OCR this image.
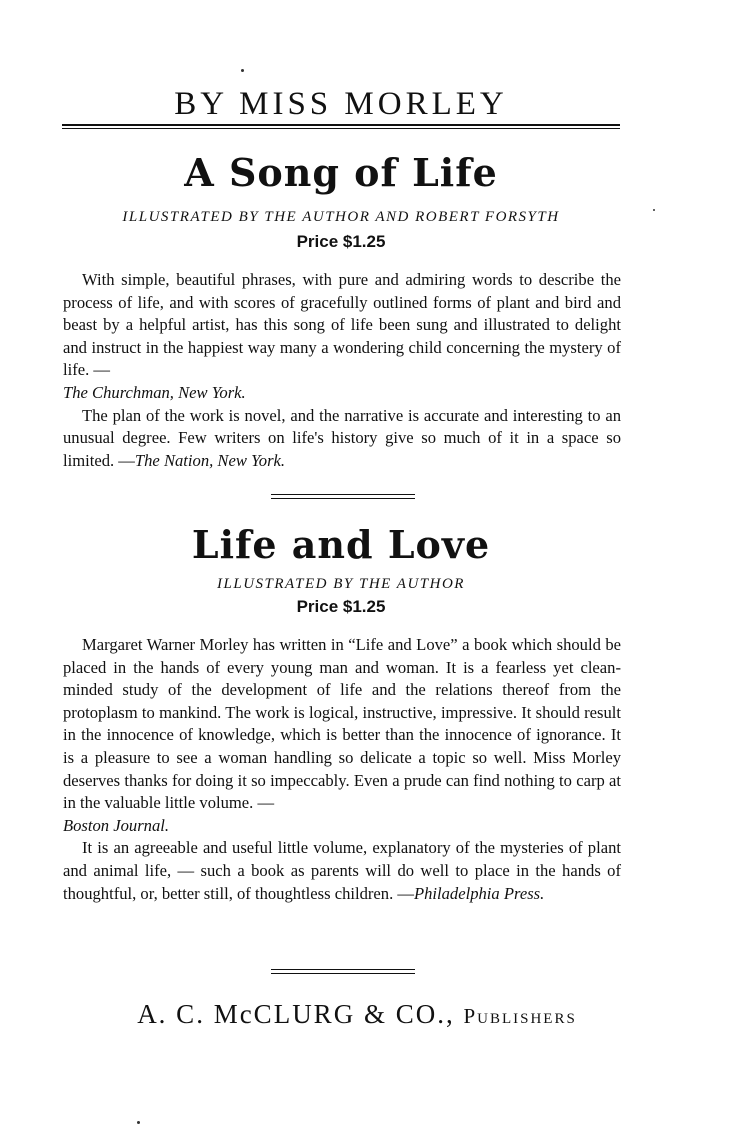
BY MISS MORLEY
A Song of Life
ILLUSTRATED BY THE AUTHOR AND ROBERT FORSYTH
Price $1.25

With simple, beautiful phrases, with pure and admiring words to describe the process of life, and with scores of gracefully outlined forms of plant and bird and beast by a helpful artist, has this song of life been sung and illustrated to delight and instruct in the happiest way many a wondering child concerning the mystery of life. —
The Churchman, New York.

The plan of the work is novel, and the narrative is accurate and interesting to an unusual degree. Few writers on life's history give so much of it in a space so limited. —The Nation, New York.

Life and Love
ILLUSTRATED BY THE AUTHOR
Price $1.25

Margaret Warner Morley has written in “Life and Love” a book which should be placed in the hands of every young man and woman. It is a fearless yet clean-minded study of the development of life and the relations thereof from the protoplasm to mankind. The work is logical, instructive, impressive. It should result in the innocence of knowledge, which is better than the innocence of ignorance. It is a pleasure to see a woman handling so delicate a topic so well. Miss Morley deserves thanks for doing it so impeccably. Even a prude can find nothing to carp at in the valuable little volume. —
Boston Journal.

It is an agreeable and useful little volume, explanatory of the mysteries of plant and animal life, — such a book as parents will do well to place in the hands of thoughtful, or, better still, of thoughtless children. —Philadelphia Press.

A. C. McCLURG & CO., Publishers
